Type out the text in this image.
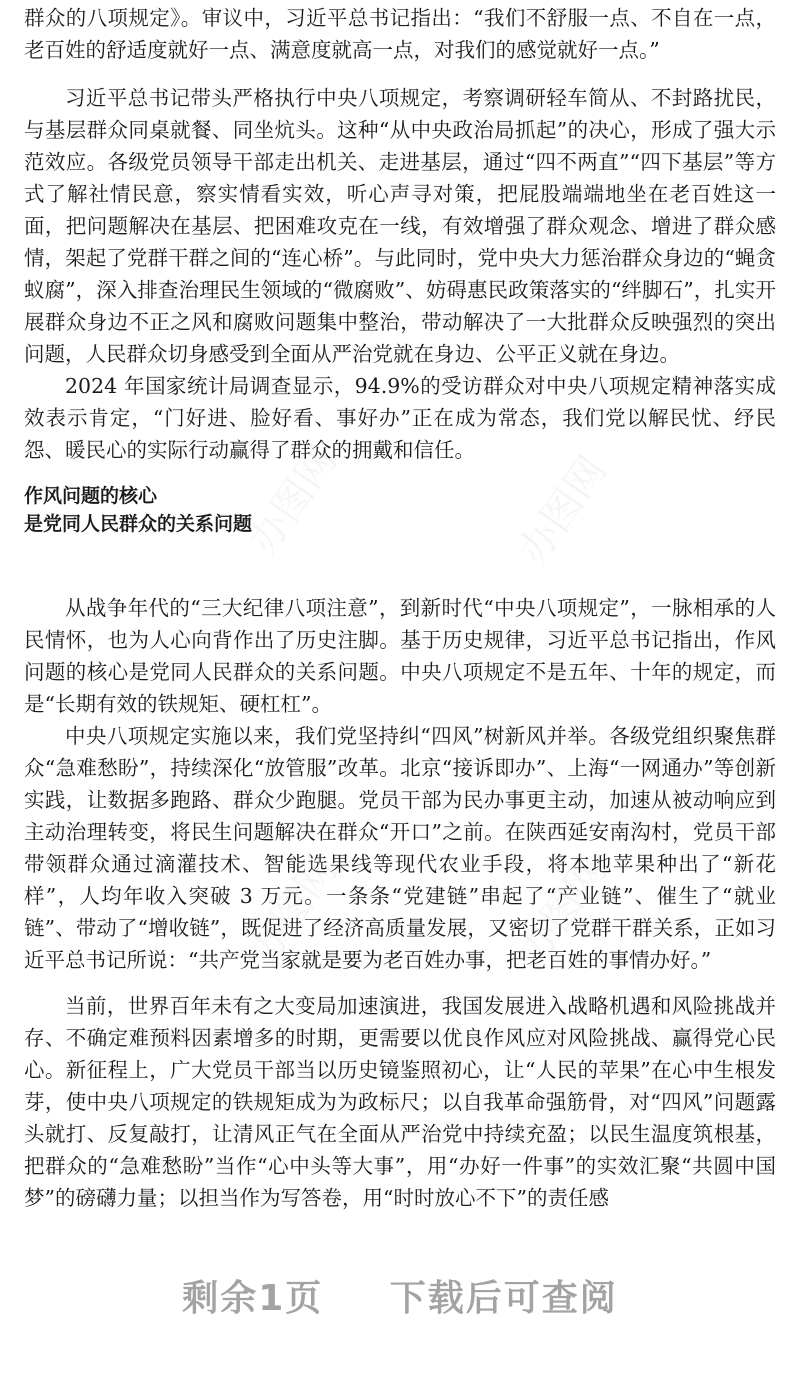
群众的八项规定》。审议中，习近平总书记指出：“我们不舒服一点、不自在一点，老百姓的舒适度就好一点、满意度就高一点，对我们的感觉就好一点。”

习近平总书记带头严格执行中央八项规定，考察调研轻车简从、不封路扰民，与基层群众同桌就餐、同坐炕头。这种“从中央政治局抓起”的决心，形成了强大示范效应。各级党员领导干部走出机关、走进基层，通过“四不两直”“四下基层”等方式了解社情民意，察实情看实效，听心声寻对策，把屁股端端地坐在老百姓这一面，把问题解决在基层、把困难攻克在一线，有效增强了群众观念、增进了群众感情，架起了党群干群之间的“连心桥”。与此同时，党中央大力惩治群众身边的“蝇贪蚁腐”，深入排查治理民生领域的“微腐败”、妨碍惠民政策落实的“绊脚石”，扎实开展群众身边不正之风和腐败问题集中整治，带动解决了一大批群众反映强烈的突出问题，人民群众切身感受到全面从严治党就在身边、公平正义就在身边。

2024 年国家统计局调查显示，94.9%的受访群众对中央八项规定精神落实成效表示肯定，“门好进、脸好看、事好办”正在成为常态，我们党以解民忧、纾民怨、暖民心的实际行动赢得了群众的拥戴和信任。

作风问题的核心
是党同人民群众的关系问题

从战争年代的“三大纪律八项注意”，到新时代“中央八项规定”，一脉相承的人民情怀，也为人心向背作出了历史注脚。基于历史规律，习近平总书记指出，作风问题的核心是党同人民群众的关系问题。中央八项规定不是五年、十年的规定，而是“长期有效的铁规矩、硬杠杠”。

中央八项规定实施以来，我们党坚持纠“四风”树新风并举。各级党组织聚焦群众“急难愁盼”，持续深化“放管服”改革。北京“接诉即办”、上海“一网通办”等创新实践，让数据多跑路、群众少跑腿。党员干部为民办事更主动，加速从被动响应到主动治理转变，将民生问题解决在群众“开口”之前。在陕西延安南沟村，党员干部带领群众通过滴灌技术、智能选果线等现代农业手段，将本地苹果种出了“新花样”，人均年收入突破 3 万元。一条条“党建链”串起了“产业链”、催生了“就业链”、带动了“增收链”，既促进了经济高质量发展，又密切了党群干群关系，正如习近平总书记所说：“共产党当家就是要为老百姓办事，把老百姓的事情办好。”

当前，世界百年未有之大变局加速演进，我国发展进入战略机遇和风险挑战并存、不确定难预料因素增多的时期，更需要以优良作风应对风险挑战、赢得党心民心。新征程上，广大党员干部当以历史镜鉴照初心，让“人民的苹果”在心中生根发芽，使中央八项规定的铁规矩成为为政标尺；以自我革命强筋骨，对“四风”问题露头就打、反复敲打，让清风正气在全面从严治党中持续充盈；以民生温度筑根基，把群众的“急难愁盼”当作“心中头等大事”，用“办好一件事”的实效汇聚“共圆中国梦”的磅礴力量；以担当作为写答卷，用“时时放心不下”的责任感

办图网	办图网
办图网	办图网
剩余1页 下载后可查阅
